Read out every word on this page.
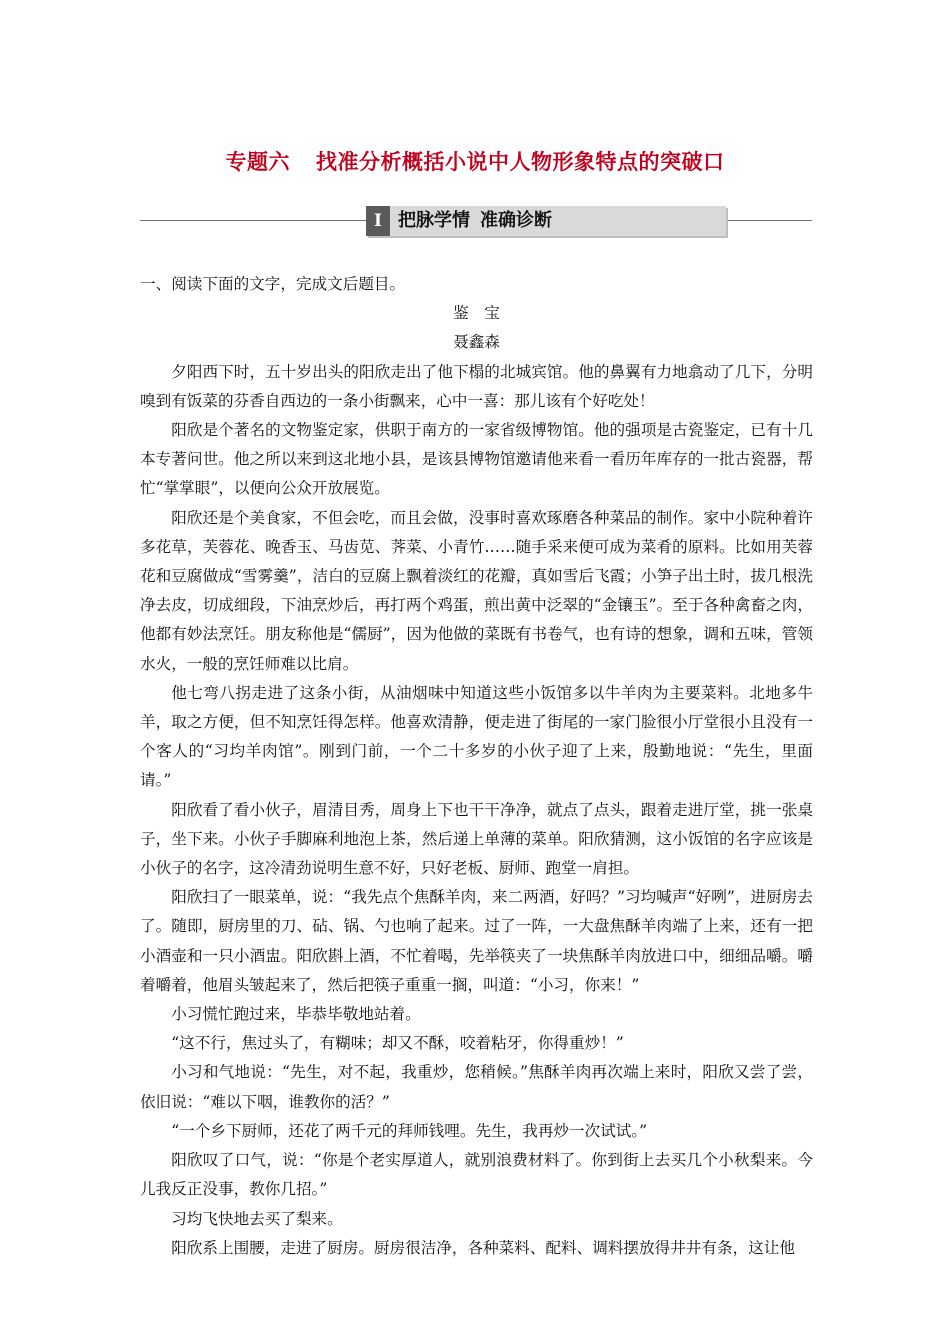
专题六 找准分析概括小说中人物形象特点的突破口
Ⅰ 把脉学情 准确诊断

一、阅读下面的文字，完成文后题目。

鉴宝

聂鑫森

夕阳西下时，五十岁出头的阳欣走出了他下榻的北城宾馆。他的鼻翼有力地翕动了几下，分明嗅到有饭菜的芬香自西边的一条小街飘来，心中一喜：那儿该有个好吃处！

阳欣是个著名的文物鉴定家，供职于南方的一家省级博物馆。他的强项是古瓷鉴定，已有十几本专著问世。他之所以来到这北地小县，是该县博物馆邀请他来看一看历年库存的一批古瓷器，帮忙“掌掌眼”，以便向公众开放展览。

阳欣还是个美食家，不但会吃，而且会做，没事时喜欢琢磨各种菜品的制作。家中小院种着许多花草，芙蓉花、晚香玉、马齿苋、荠菜、小青竹……随手采来便可成为菜肴的原料。比如用芙蓉花和豆腐做成“雪雾羹”，洁白的豆腐上飘着淡红的花瓣，真如雪后飞霞；小笋子出土时，拔几根洗净去皮，切成细段，下油烹炒后，再打两个鸡蛋，煎出黄中泛翠的“金镶玉”。至于各种禽畜之肉，他都有妙法烹饪。朋友称他是“儒厨”，因为他做的菜既有书卷气，也有诗的想象，调和五味，管领水火，一般的烹饪师难以比肩。

他七弯八拐走进了这条小街，从油烟味中知道这些小饭馆多以牛羊肉为主要菜料。北地多牛羊，取之方便，但不知烹饪得怎样。他喜欢清静，便走进了街尾的一家门脸很小厅堂很小且没有一个客人的“习均羊肉馆”。刚到门前，一个二十多岁的小伙子迎了上来，殷勤地说：“先生，里面请。”

阳欣看了看小伙子，眉清目秀，周身上下也干干净净，就点了点头，跟着走进厅堂，挑一张桌子，坐下来。小伙子手脚麻利地泡上茶，然后递上单薄的菜单。阳欣猜测，这小饭馆的名字应该是小伙子的名字，这冷清劲说明生意不好，只好老板、厨师、跑堂一肩担。

阳欣扫了一眼菜单，说：“我先点个焦酥羊肉，来二两酒，好吗？”习均喊声“好咧”，进厨房去了。随即，厨房里的刀、砧、锅、勺也响了起来。过了一阵，一大盘焦酥羊肉端了上来，还有一把小酒壶和一只小酒盅。阳欣斟上酒，不忙着喝，先举筷夹了一块焦酥羊肉放进口中，细细品嚼。嚼着嚼着，他眉头皱起来了，然后把筷子重重一搁，叫道：“小习，你来！”

小习慌忙跑过来，毕恭毕敬地站着。

“这不行，焦过头了，有糊味；却又不酥，咬着粘牙，你得重炒！”

小习和气地说：“先生，对不起，我重炒，您稍候。”焦酥羊肉再次端上来时，阳欣又尝了尝，依旧说：“难以下咽，谁教你的活？”

“一个乡下厨师，还花了两千元的拜师钱哩。先生，我再炒一次试试。”

阳欣叹了口气，说：“你是个老实厚道人，就别浪费材料了。你到街上去买几个小秋梨来。今儿我反正没事，教你几招。”

习均飞快地去买了梨来。

阳欣系上围腰，走进了厨房。厨房很洁净，各种菜料、配料、调料摆放得井井有条，这让他
